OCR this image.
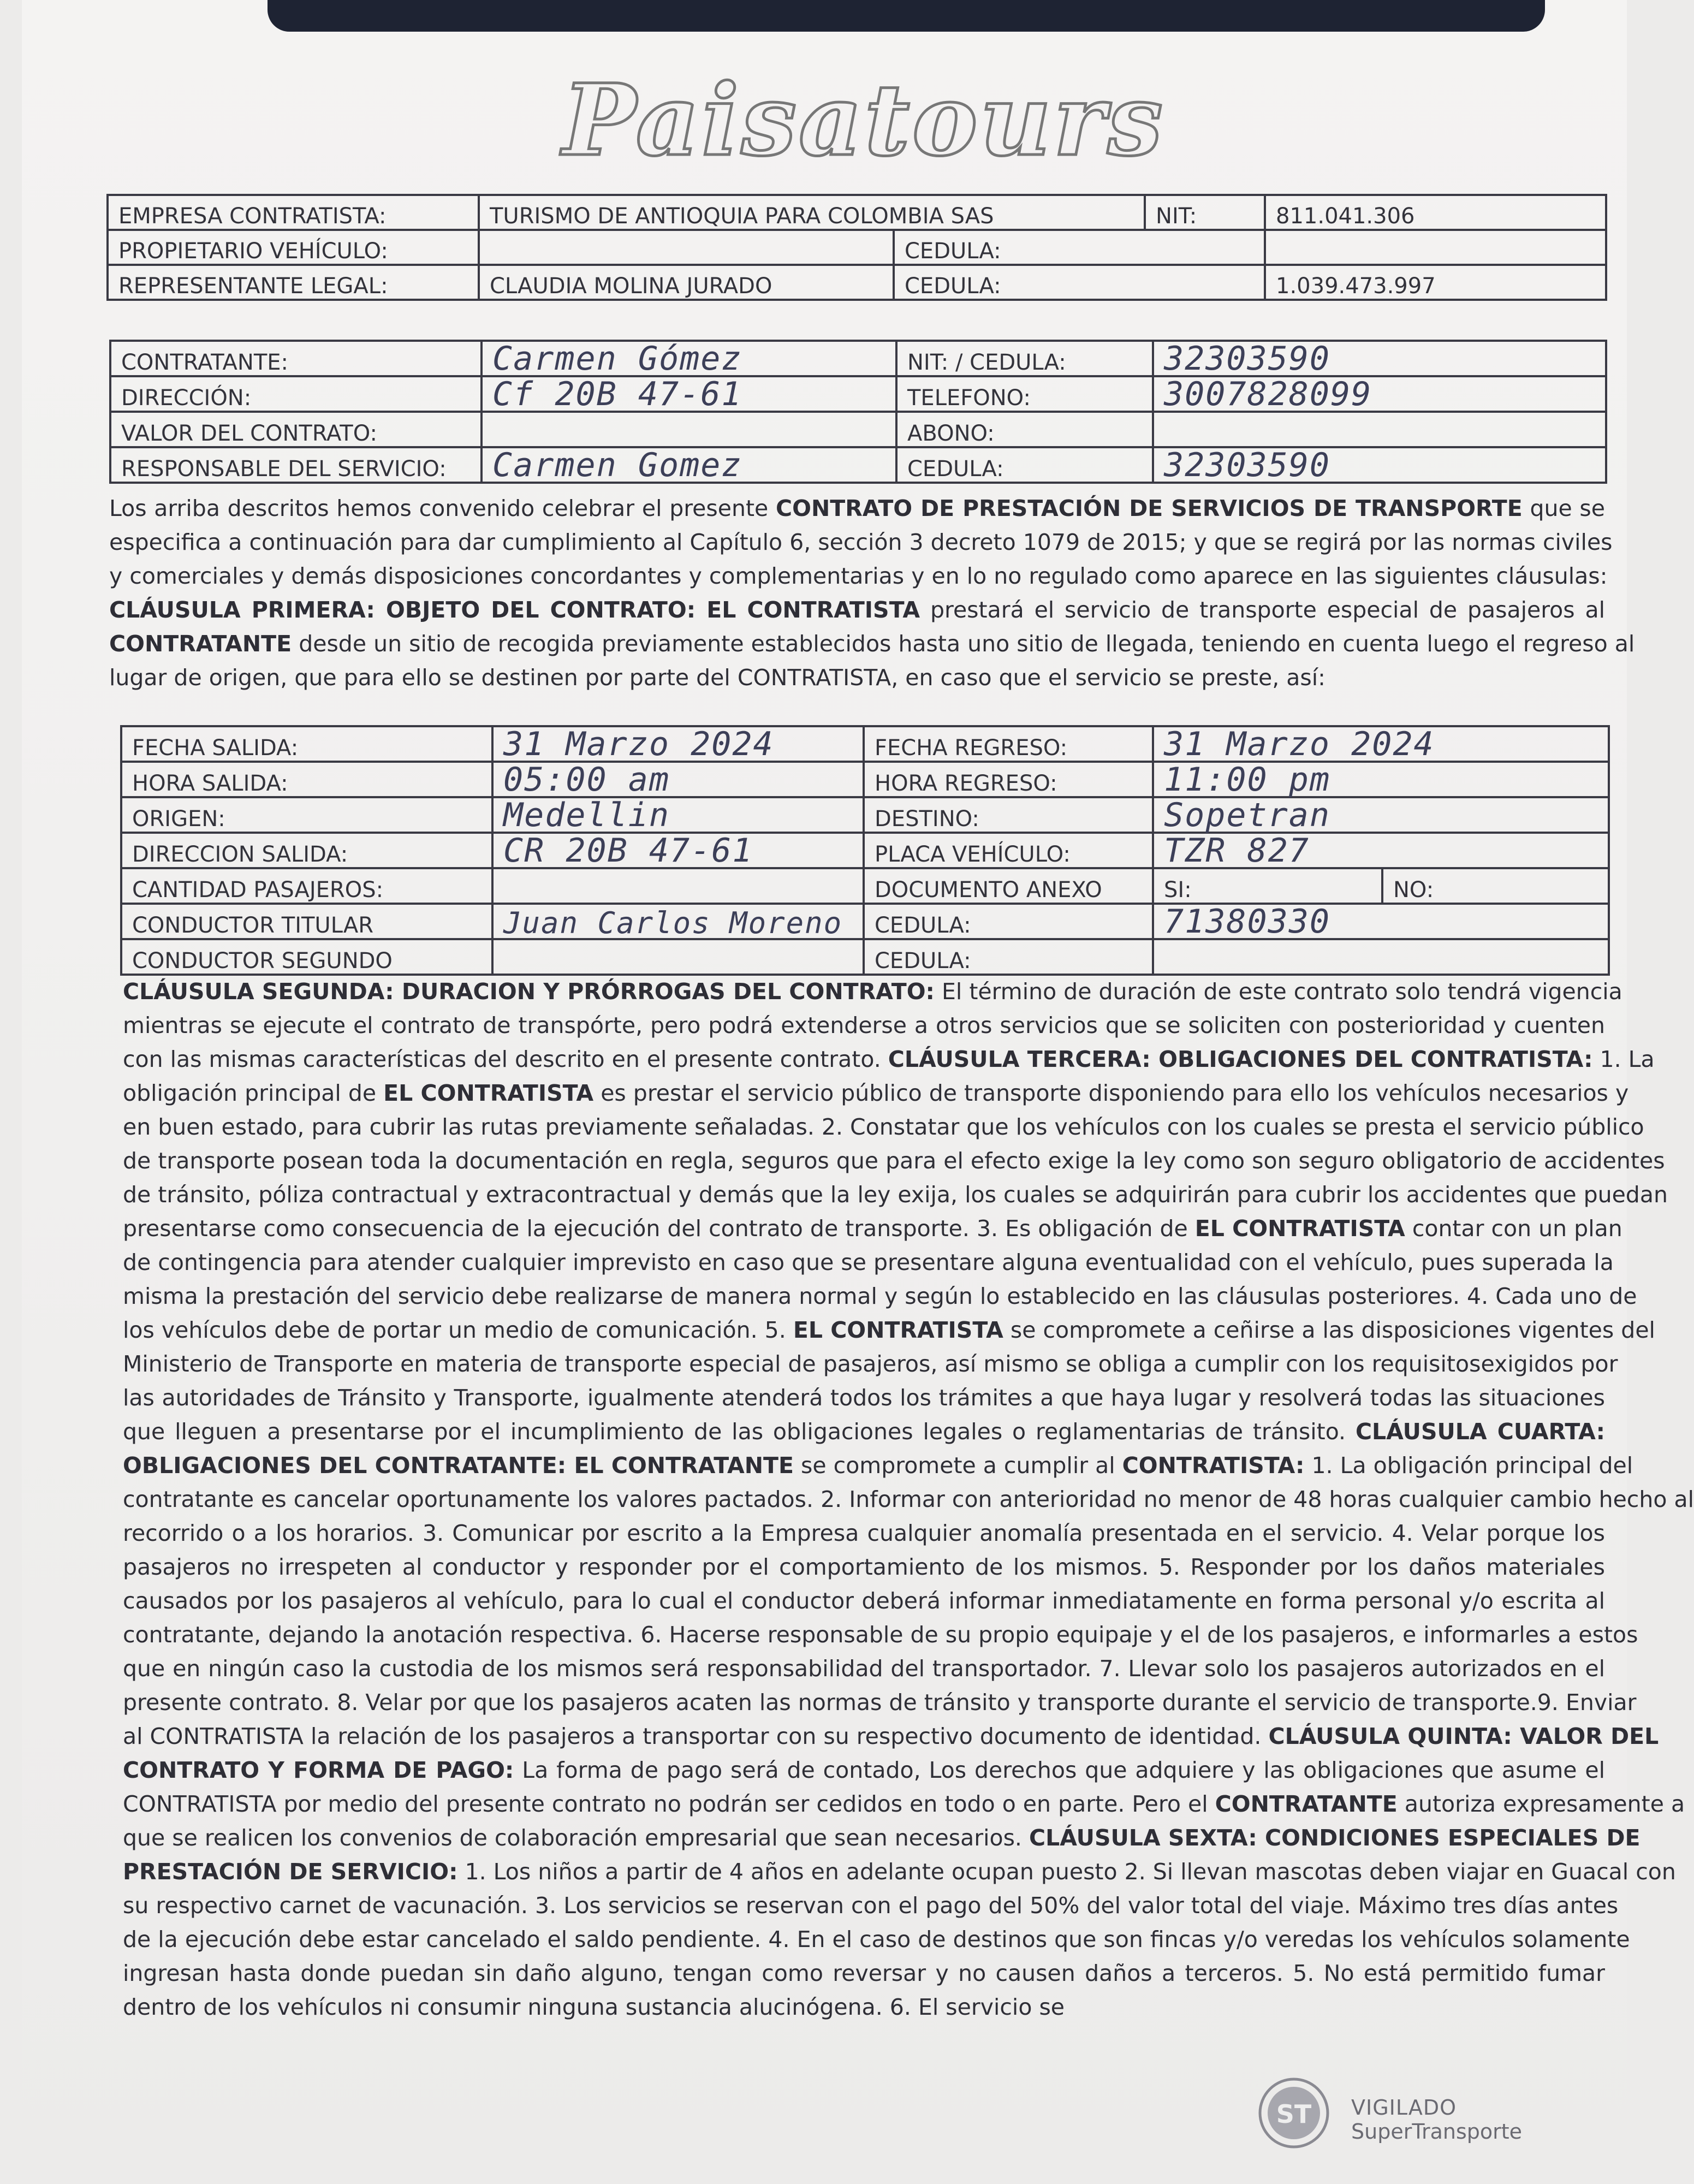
Paisatours
EMPRESA CONTRATISTA:	TURISMO DE ANTIOQUIA PARA COLOMBIA SAS		NIT:	811.041.306
PROPIETARIO VEHÍCULO:		CEDULA:		
REPRESENTANTE LEGAL:	CLAUDIA MOLINA JURADO	CEDULA:		1.039.473.997
CONTRATANTE:	Carmen Gómez	NIT: / CEDULA:	32303590
DIRECCIÓN:	Cf 20B 47-61	TELEFONO:	3007828099
VALOR DEL CONTRATO:		ABONO:	
RESPONSABLE DEL SERVICIO:	Carmen Gomez	CEDULA:	32303590
Los arriba descritos hemos convenido celebrar el presente CONTRATO DE PRESTACIÓN DE SERVICIOS DE TRANSPORTE que se
especifica a continuación para dar cumplimiento al Capítulo 6, sección 3 decreto 1079 de 2015; y que se regirá por las normas civiles
y comerciales y demás disposiciones concordantes y complementarias y en lo no regulado como aparece en las siguientes cláusulas:
CLÁUSULA PRIMERA: OBJETO DEL CONTRATO: EL CONTRATISTA prestará el servicio de transporte especial de pasajeros al
CONTRATANTE desde un sitio de recogida previamente establecidos hasta uno sitio de llegada, teniendo en cuenta luego el regreso al
lugar de origen, que para ello se destinen por parte del CONTRATISTA, en caso que el servicio se preste, así:
FECHA SALIDA:	31 Marzo 2024	FECHA REGRESO:	31 Marzo 2024	
HORA SALIDA:	05:00 am	HORA REGRESO:	11:00 pm	
ORIGEN:	Medellin	DESTINO:	Sopetran	
DIRECCION SALIDA:	CR 20B 47-61	PLACA VEHÍCULO:	TZR 827	
CANTIDAD PASAJEROS:		DOCUMENTO ANEXO	SI:	NO:
CONDUCTOR TITULAR	Juan Carlos Moreno	CEDULA:	71380330	
CONDUCTOR SEGUNDO		CEDULA:		
CLÁUSULA SEGUNDA: DURACION Y PRÓRROGAS DEL CONTRATO: El término de duración de este contrato solo tendrá vigencia
mientras se ejecute el contrato de transpórte, pero podrá extenderse a otros servicios que se soliciten con posterioridad y cuenten
con las mismas características del descrito en el presente contrato. CLÁUSULA TERCERA: OBLIGACIONES DEL CONTRATISTA: 1. La
obligación principal de EL CONTRATISTA es prestar el servicio público de transporte disponiendo para ello los vehículos necesarios y
en buen estado, para cubrir las rutas previamente señaladas. 2. Constatar que los vehículos con los cuales se presta el servicio público
de transporte posean toda la documentación en regla, seguros que para el efecto exige la ley como son seguro obligatorio de accidentes
de tránsito, póliza contractual y extracontractual y demás que la ley exija, los cuales se adquirirán para cubrir los accidentes que puedan
presentarse como consecuencia de la ejecución del contrato de transporte. 3. Es obligación de EL CONTRATISTA contar con un plan
de contingencia para atender cualquier imprevisto en caso que se presentare alguna eventualidad con el vehículo, pues superada la
misma la prestación del servicio debe realizarse de manera normal y según lo establecido en las cláusulas posteriores. 4. Cada uno de
los vehículos debe de portar un medio de comunicación. 5. EL CONTRATISTA se compromete a ceñirse a las disposiciones vigentes del
Ministerio de Transporte en materia de transporte especial de pasajeros, así mismo se obliga a cumplir con los requisitosexigidos por
las autoridades de Tránsito y Transporte, igualmente atenderá todos los trámites a que haya lugar y resolverá todas las situaciones
que lleguen a presentarse por el incumplimiento de las obligaciones legales o reglamentarias de tránsito. CLÁUSULA CUARTA:
OBLIGACIONES DEL CONTRATANTE: EL CONTRATANTE se compromete a cumplir al CONTRATISTA: 1. La obligación principal del
contratante es cancelar oportunamente los valores pactados. 2. Informar con anterioridad no menor de 48 horas cualquier cambio hecho al
recorrido o a los horarios. 3. Comunicar por escrito a la Empresa cualquier anomalía presentada en el servicio. 4. Velar porque los
pasajeros no irrespeten al conductor y responder por el comportamiento de los mismos. 5. Responder por los daños materiales
causados por los pasajeros al vehículo, para lo cual el conductor deberá informar inmediatamente en forma personal y/o escrita al
contratante, dejando la anotación respectiva. 6. Hacerse responsable de su propio equipaje y el de los pasajeros, e informarles a estos
que en ningún caso la custodia de los mismos será responsabilidad del transportador. 7. Llevar solo los pasajeros autorizados en el
presente contrato. 8. Velar por que los pasajeros acaten las normas de tránsito y transporte durante el servicio de transporte.9. Enviar
al CONTRATISTA la relación de los pasajeros a transportar con su respectivo documento de identidad. CLÁUSULA QUINTA: VALOR DEL
CONTRATO Y FORMA DE PAGO: La forma de pago será de contado, Los derechos que adquiere y las obligaciones que asume el
CONTRATISTA por medio del presente contrato no podrán ser cedidos en todo o en parte. Pero el CONTRATANTE autoriza expresamente a
que se realicen los convenios de colaboración empresarial que sean necesarios. CLÁUSULA SEXTA: CONDICIONES ESPECIALES DE
PRESTACIÓN DE SERVICIO: 1. Los niños a partir de 4 años en adelante ocupan puesto 2. Si llevan mascotas deben viajar en Guacal con
su respectivo carnet de vacunación. 3. Los servicios se reservan con el pago del 50% del valor total del viaje. Máximo tres días antes
de la ejecución debe estar cancelado el saldo pendiente. 4. En el caso de destinos que son fincas y/o veredas los vehículos solamente
ingresan hasta donde puedan sin daño alguno, tengan como reversar y no causen daños a terceros. 5. No está permitido fumar
dentro de los vehículos ni consumir ninguna sustancia alucinógena. 6. El servicio se
ST VIGILADO
SuperTransporte
